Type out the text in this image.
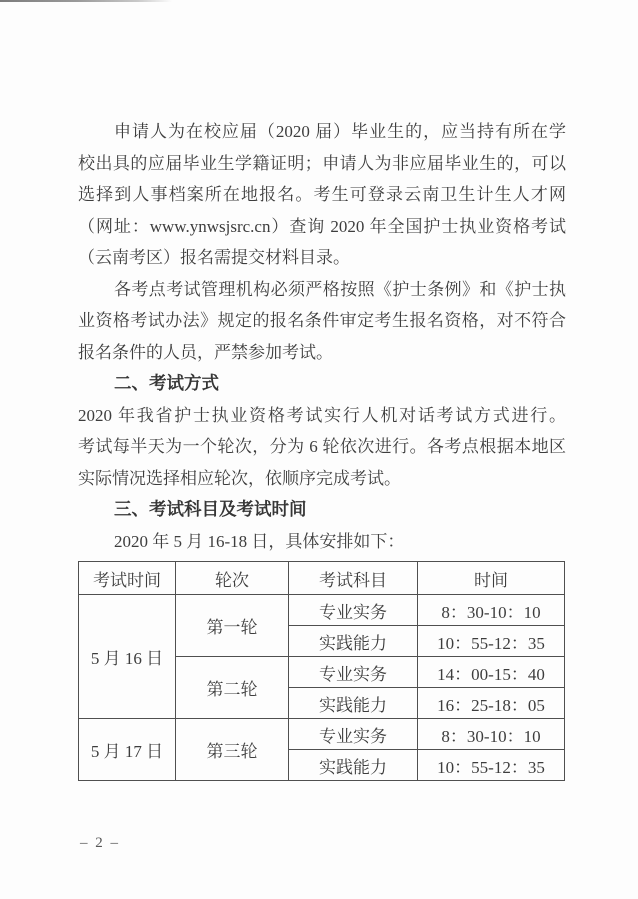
申请人为在校应届（2020 届）毕业生的，应当持有所在学
校出具的应届毕业生学籍证明；申请人为非应届毕业生的，可以
选择到人事档案所在地报名。考生可登录云南卫生计生人才网
（网址：www.ynwsjsrc.cn）查询 2020 年全国护士执业资格考试
（云南考区）报名需提交材料目录。
各考点考试管理机构必须严格按照《护士条例》和《护士执
业资格考试办法》规定的报名条件审定考生报名资格，对不符合
报名条件的人员，严禁参加考试。
二、考试方式
2020 年我省护士执业资格考试实行人机对话考试方式进行。
考试每半天为一个轮次，分为 6 轮依次进行。各考点根据本地区
实际情况选择相应轮次，依顺序完成考试。
三、考试科目及考试时间
2020 年 5 月 16-18 日，具体安排如下：
考试时间	轮次	考试科目	时间
5 月 16 日	第一轮	专业实务	8：30-10：10
		实践能力	10：55-12：35
	第二轮	专业实务	14：00-15：40
		实践能力	16：25-18：05
5 月 17 日	第三轮	专业实务	8：30-10：10
		实践能力	10：55-12：35
– 2 –
